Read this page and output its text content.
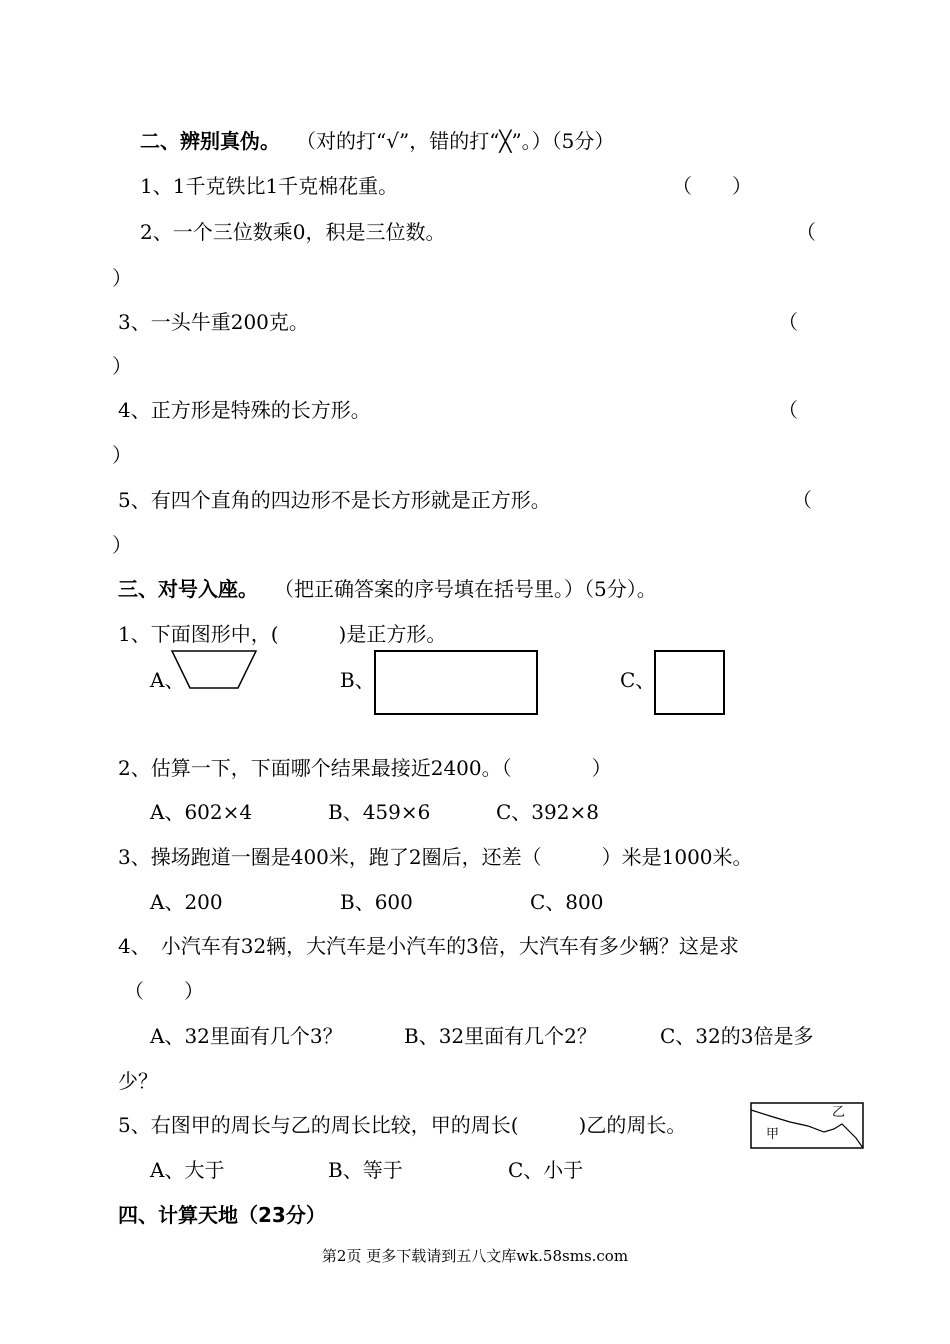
二、辨别真伪。 （对的打“√”，错的打“╳”。）（5分）
1、1千克铁比1千克棉花重。	（ ）
2、一个三位数乘0，积是三位数。	（
）
3、一头牛重200克。	（
）
4、正方形是特殊的长方形。	（
）
5、有四个直角的四边形不是长方形就是正方形。	（
）
三、对号入座。 （把正确答案的序号填在括号里。）（5分）。
1、下面图形中，(　　　)是正方形。
A、	B、	C、
2、估算一下，下面哪个结果最接近2400。（　　　　）
A、602×4	B、459×6	C、392×8
3、操场跑道一圈是400米，跑了2圈后，还差（　　　）米是1000米。
A、200	B、600	C、800
4、　小汽车有32辆，大汽车是小汽车的3倍，大汽车有多少辆？这是求
（　　）
A、32里面有几个3？	B、32里面有几个2？	C、32的3倍是多
少？
5、右图甲的周长与乙的周长比较，甲的周长(　　　)乙的周长。	甲
乙
A、大于	B、等于	C、小于
四、计算天地（23分）
第2页 更多下载请到五八文库wk.58sms.com
